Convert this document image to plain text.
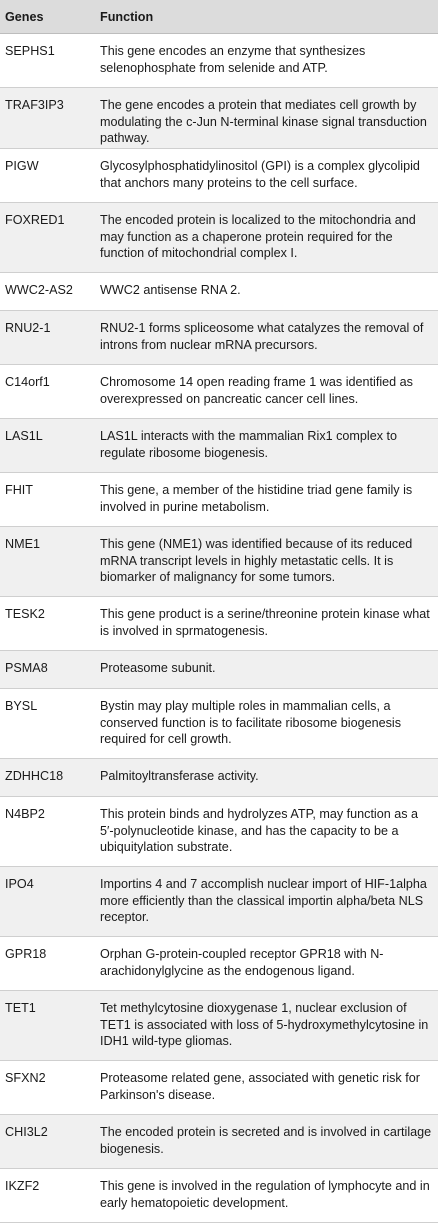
Genes	Function
SEPHS1	This gene encodes an enzyme that synthesizes selenophosphate from selenide and ATP.
TRAF3IP3	The gene encodes a protein that mediates cell growth by modulating the c-Jun N-terminal kinase signal transduction pathway.
PIGW	Glycosylphosphatidylinositol (GPI) is a complex glycolipid that anchors many proteins to the cell surface.
FOXRED1	The encoded protein is localized to the mitochondria and may function as a chaperone protein required for the function of mitochondrial complex I.
WWC2-AS2	WWC2 antisense RNA 2.
RNU2-1	RNU2-1 forms spliceosome what catalyzes the removal of introns from nuclear mRNA precursors.
C14orf1	Chromosome 14 open reading frame 1 was identified as overexpressed on pancreatic cancer cell lines.
LAS1L	LAS1L interacts with the mammalian Rix1 complex to regulate ribosome biogenesis.
FHIT	This gene, a member of the histidine triad gene family is involved in purine metabolism.
NME1	This gene (NME1) was identified because of its reduced mRNA transcript levels in highly metastatic cells. It is biomarker of malignancy for some tumors.
TESK2	This gene product is a serine/threonine protein kinase what is involved in sprmatogenesis.
PSMA8	Proteasome subunit.
BYSL	Bystin may play multiple roles in mammalian cells, a conserved function is to facilitate ribosome biogenesis required for cell growth.
ZDHHC18	Palmitoyltransferase activity.
N4BP2	This protein binds and hydrolyzes ATP, may function as a 5′-polynucleotide kinase, and has the capacity to be a ubiquitylation substrate.
IPO4	Importins 4 and 7 accomplish nuclear import of HIF-1alpha more efficiently than the classical importin alpha/beta NLS receptor.
GPR18	Orphan G-protein-coupled receptor GPR18 with N-arachidonylglycine as the endogenous ligand.
TET1	Tet methylcytosine dioxygenase 1, nuclear exclusion of TET1 is associated with loss of 5-hydroxymethylcytosine in IDH1 wild-type gliomas.
SFXN2	Proteasome related gene, associated with genetic risk for Parkinson's disease.
CHI3L2	The encoded protein is secreted and is involved in cartilage biogenesis.
IKZF2	This gene is involved in the regulation of lymphocyte and in early hematopoietic development.
